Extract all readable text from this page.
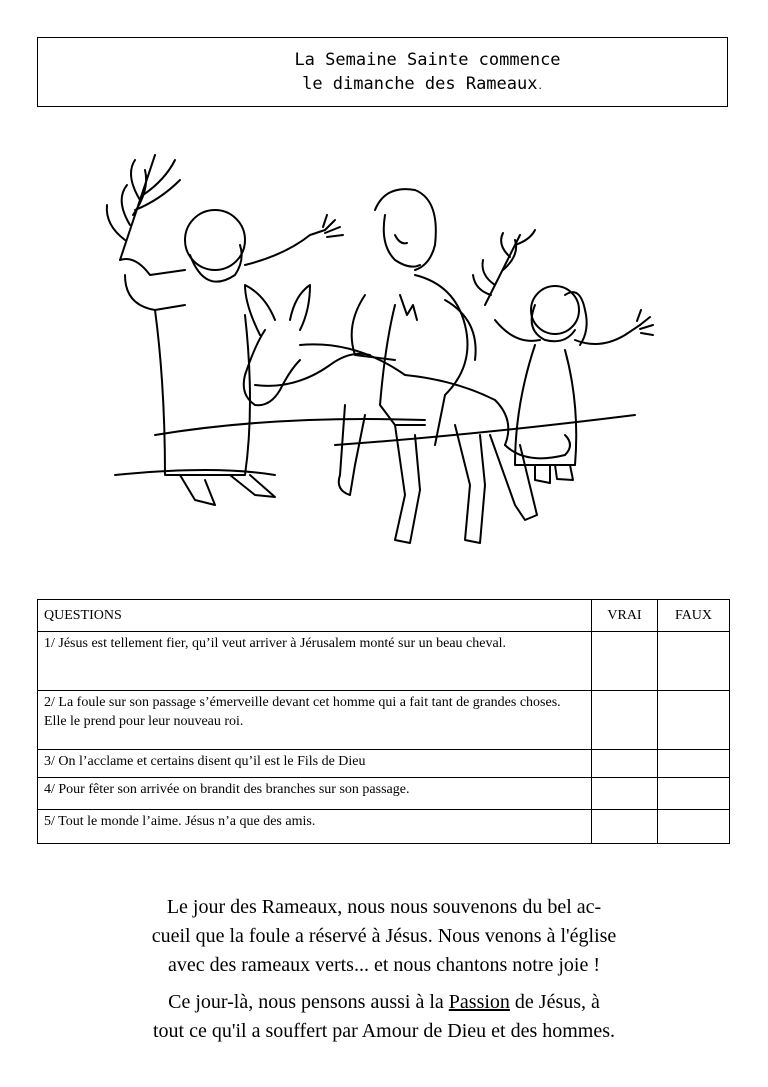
La Semaine Sainte commence
le dimanche des Rameaux.
QUESTIONS	VRAI	FAUX
1/ Jésus est tellement fier, qu’il veut arriver à Jérusalem monté sur un beau cheval.		
2/ La foule sur son passage s’émerveille devant cet homme qui a fait tant de grandes choses. Elle le prend pour leur nouveau roi.		
3/ On l’acclame et certains disent qu’il est le Fils de Dieu		
4/ Pour fêter son arrivée on brandit des branches sur son passage.		
5/ Tout le monde l’aime. Jésus n’a que des amis.		

Le jour des Rameaux, nous nous souvenons du bel ac-
cueil que la foule a réservé à Jésus. Nous venons à l'église
avec des rameaux verts... et nous chantons notre joie !

Ce jour-là, nous pensons aussi à la Passion de Jésus, à
tout ce qu'il a souffert par Amour de Dieu et des hommes.
